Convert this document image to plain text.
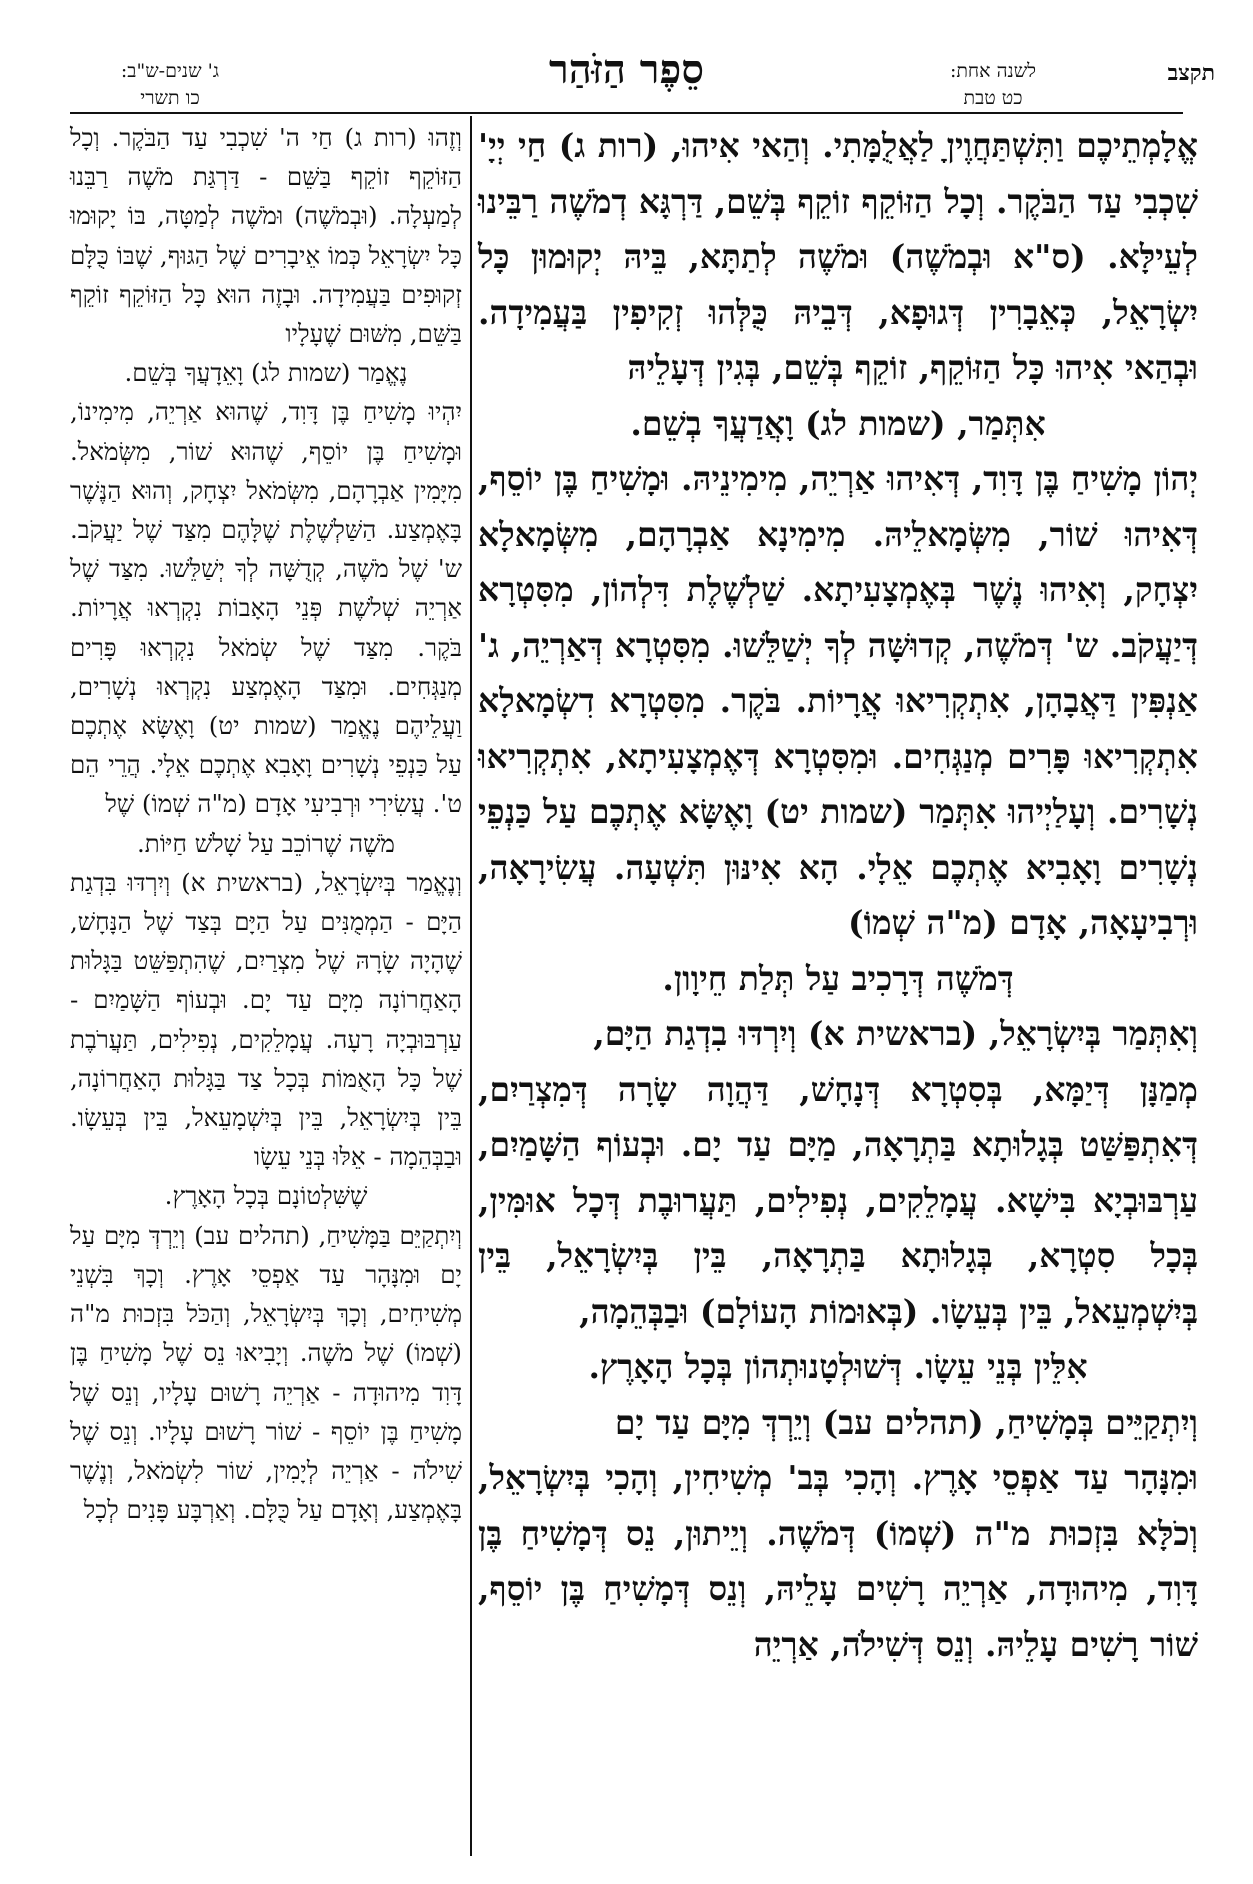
תקצב
לשנה אחת:
כט טבת
סֵפֶר הַזֹּהַר
ג' שנים-ש"ב:
כו תשרי

אֱלָמְתֵיכֶם וַתִּשְׁתַּחֲוֶיןָ לַאֲלֻמָּתִי. וְהַאי אִיהוּ, (רות ג) חַי יְיָ' שִׁכְבִי עַד הַבֹּקֶר. וְכָל הַזּוֹקֵף זוֹקֵף בְּשֵׁם, דַּרְגָּא דְמֹשֶׁה רַבֵּינוּ לְעֵילָּא. (ס"א וּבְמֹשֶׁה) וּמֹשֶׁה לְתַתָּא, בֵּיהּ יְקוּמוּן כָּל יִשְׂרָאֵל, כְּאֵבָרִין דְּגוּפָא, דְּבֵיהּ כֻּלְּהוּ זְקִיפִין בַּעֲמִידָה. וּבְהַאי אִיהוּ כָּל הַזּוֹקֵף, זוֹקֵף בְּשֵׁם, בְּגִין דְּעָלֵיהּ

אִתְּמַר, (שמות לג) וָאֲדַעֲךָ בְשֵׁם.

יְהוֹן מָשִׁיחַ בֶּן דָּוִד, דְּאִיהוּ אַרְיֵה, מִימִינֵיהּ. וּמָשִׁיחַ בֶּן יוֹסֵף, דְּאִיהוּ שׁוֹר, מִשְּׂמָאלֵיהּ. מִימִינָא אַבְרָהָם, מִשְּׂמָאלָא יִצְחָק, וְאִיהוּ נֶשֶׁר בְּאֶמְצָעִיתָא. שַׁלְשֶׁלֶת דִּלְהוֹן, מִסִּטְרָא דְּיַעֲקֹב. ש' דְּמֹשֶׁה, קְדוּשָּׁה לְךָ יְשַׁלֵּשׁוּ. מִסִּטְרָא דְּאַרְיֵה, ג' אַנְפִּין דַּאֲבָהָן, אִתְקְרִיאוּ אֲרָיוֹת. בֹּקֶר. מִסִּטְרָא דִשְׂמָאלָא אִתְקְרִיאוּ פָּרִים מְנַגְּחִים. וּמִסִּטְרָא דְּאֶמְצָעִיתָא, אִתְקְרִיאוּ נְשָׁרִים. וְעָלַיְיהוּ אִתְּמַר (שמות יט) וָאֶשָּׂא אֶתְכֶם עַל כַּנְפֵי נְשָׁרִים וָאָבִיא אֶתְכֶם אֵלָי. הָא אִינּוּן תִּשְׁעָה. עֲשִׂירָאָה, וּרְבִיעָאָה, אָדָם (מ"ה שְׁמוֹ)

דְּמֹשֶׁה דְּרָכִיב עַל תְּלַת חֵיוָון.

וְאִתְּמַר בְּיִשְׂרָאֵל, (בראשית א) וְיִרְדּוּ בִדְגַת הַיָּם,

מְמַנָּן דְּיַמָּא, בְּסִטְרָא דְּנָחָשׁ, דַּהֲוָה שָׂרָה דְּמִצְרַיִם, דְּאִתְפַּשַּׁט בְּגָלוּתָא בַּתְרָאָה, מַיָּם עַד יָם. וּבְעוֹף הַשָּׁמַיִם, עַרְבּוּבְיָא בִּישָׁא. עֲמָלֵקִים, נְפִילִים, תַּעֲרוּבֶת דְּכָל אוּמִּין, בְּכָל סִטְרָא, בְּגָלוּתָא בַּתְרָאָה, בֵּין בְּיִשְׂרָאֵל, בֵּין בְּיִשְׁמְעֵאל, בֵּין בְּעֵשָׂו. (בְּאוּמוֹת הָעוֹלָם) וּבַבְּהֵמָה,

אִלֵּין בְּנֵי עֵשָׂו. דְּשׁוּלְטָנוּתְהוֹן בְּכָל הָאָרֶץ.

וְיִתְקַיֵּים בְּמָשִׁיחַ, (תהלים עב) וְיֵרְדְּ מִיָּם עַד יָם

וּמִנָּהָר עַד אַפְסֵי אָרֶץ. וְהָכִי בְּב' מְשִׁיחִין, וְהָכִי בְּיִשְׂרָאֵל, וְכֹלָּא בִּזְכוּת מ"ה (שְׁמוֹ) דְּמֹשֶׁה. וְיֵיתוּן, נֵס דְּמָשִׁיחַ בֶּן דָּוִד, מִיהוּדָה, אַרְיֵה רָשִׁים עָלֵיהּ, וְנֵס דְּמָשִׁיחַ בֶּן יוֹסֵף, שׁוֹר רָשִׁים עָלֵיהּ. וְנֵס דְּשִׁילֹה, אַרְיֵה

וְזֶהוּ (רות ג) חַי ה' שִׁכְבִי עַד הַבֹּקֶר. וְכָל הַזּוֹקֵף זוֹקֵף בַּשֵּׁם - דַּרְגַּת מֹשֶׁה רַבֵּנוּ לְמַעְלָה. (וּבְמֹשֶׁה) וּמֹשֶׁה לְמַטָּה, בּוֹ יָקוּמוּ כָּל יִשְׂרָאֵל כְּמוֹ אֵיבָרִים שֶׁל הַגּוּף, שֶׁבּוֹ כֻּלָּם זְקוּפִים בַּעֲמִידָה. וּבָזֶה הוּא כָּל הַזּוֹקֵף זוֹקֵף בַּשֵּׁם, מִשּׁוּם שֶׁעָלָיו

נֶאֱמַר (שמות לג) וָאֵדָעֲךָ בְּשֵׁם.

יִהְיוּ מָשִׁיחַ בֶּן דָּוִד, שֶׁהוּא אַרְיֵה, מִימִינוֹ, וּמָשִׁיחַ בֶּן יוֹסֵף, שֶׁהוּא שׁוֹר, מִשְּׂמֹאל. מִיָּמִין אַבְרָהָם, מִשְּׂמֹאל יִצְחָק, וְהוּא הַנֶּשֶׁר בָּאֶמְצַע. הַשַּׁלְשֶׁלֶת שֶׁלָּהֶם מִצַּד שֶׁל יַעֲקֹב. ש' שֶׁל מֹשֶׁה, קְדֻשָּׁה לְךָ יְשַׁלֵּשׁוּ. מִצַּד שֶׁל אַרְיֵה שְׁלֹשֶׁת פְּנֵי הָאָבוֹת נִקְרְאוּ אֲרָיוֹת. בֹּקֶר. מִצַּד שֶׁל שְׂמֹאל נִקְרְאוּ פָּרִים מְנַגְּחִים. וּמִצַּד הָאֶמְצַע נִקְרְאוּ נְשָׁרִים, וַעֲלֵיהֶם נֶאֱמַר (שמות יט) וָאֶשָּׂא אֶתְכֶם עַל כַּנְפֵי נְשָׁרִים וָאָבִא אֶתְכֶם אֵלָי. הֲרֵי הֵם ט'. עֲשִׂירִי וּרְבִיעִי אָדָם (מ"ה שְׁמוֹ) שֶׁל

מֹשֶׁה שֶׁרוֹכֵב עַל שָׁלֹשׁ חַיּוֹת.

וְנֶאֱמַר בְּיִשְׂרָאֵל, (בראשית א) וְיִרְדּוּ בִּדְגַת הַיָּם - הַמְמֻנִּים עַל הַיָּם בְּצַד שֶׁל הַנָּחָשׁ, שֶׁהָיָה שָׂרָהּ שֶׁל מִצְרַיִם, שֶׁהִתְפַּשֵּׁט בַּגָּלוּת הָאַחֲרוֹנָה מִיָּם עַד יָם. וּבְעוֹף הַשָּׁמַיִם - עַרְבּוּבְיָה רָעָה. עֲמָלֵקִים, נְפִילִים, תַּעֲרֹבֶת שֶׁל כָּל הָאֻמּוֹת בְּכָל צַד בַּגָּלוּת הָאַחֲרוֹנָה, בֵּין בְּיִשְׂרָאֵל, בֵּין בְּיִשְׁמָעֵאל, בֵּין בְּעֵשָׂו. וּבַבְּהֵמָה - אֵלּוּ בְּנֵי עֵשָׂו

שֶׁשִּׁלְטוֹנָם בְּכָל הָאָרֶץ.

וְיִתְקַיֵּם בַּמָּשִׁיחַ, (תהלים עב) וְיֵרְדְּ מִיָּם עַל יָם וּמִנָּהָר עַד אַפְסֵי אָרֶץ. וְכָךְ בִּשְׁנֵי מְשִׁיחִים, וְכָךְ בְּיִשְׂרָאֵל, וְהַכֹּל בִּזְכוּת מ"ה (שְׁמוֹ) שֶׁל מֹשֶׁה. וְיָבִיאוּ נֵס שֶׁל מָשִׁיחַ בֶּן דָּוִד מִיהוּדָה - אַרְיֵה רָשׁוּם עָלָיו, וְנֵס שֶׁל מָשִׁיחַ בֶּן יוֹסֵף - שׁוֹר רָשׁוּם עָלָיו. וְנֵס שֶׁל שִׁילֹה - אַרְיֵה לְיָמִין, שׁוֹר לִשְׂמֹאל, וְנֶשֶׁר בָּאֶמְצַע, וְאָדָם עַל כֻּלָּם. וְאַרְבָּע פָּנִים לְכָל
